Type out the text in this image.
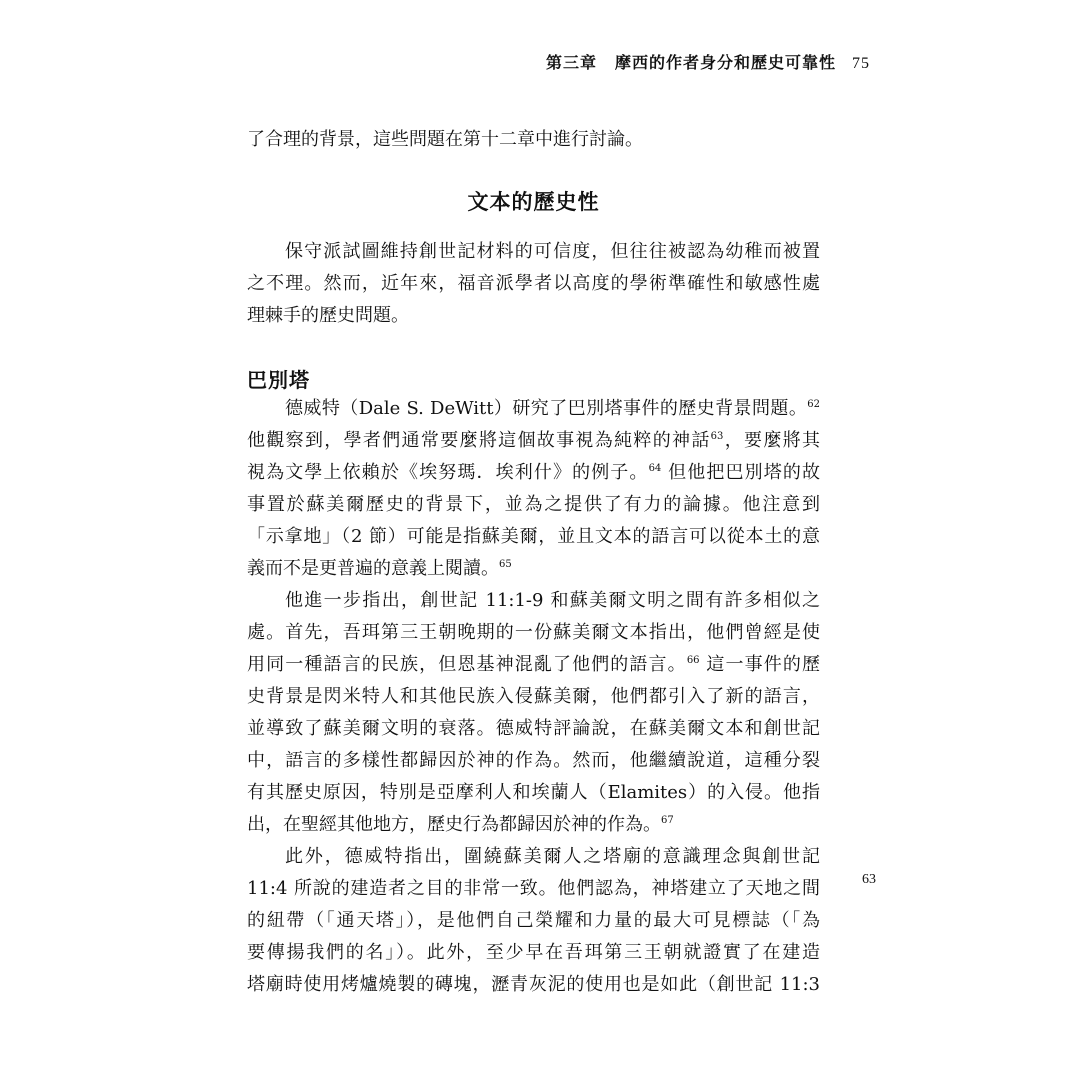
第三章 摩西的作者身分和歷史可靠性 75
了合理的背景，這些問題在第十二章中進行討論。
文本的歷史性
保守派試圖維持創世記材料的可信度，但往往被認為幼稚而被置
之不理。然而，近年來，福音派學者以高度的學術準確性和敏感性處
理棘手的歷史問題。
巴別塔
德威特（Dale S. DeWitt）研究了巴別塔事件的歷史背景問題。$^{62}$
他觀察到，學者們通常要麼將這個故事視為純粹的神話$^{63}$，要麼將其
視為文學上依賴於《埃努瑪．埃利什》的例子。$^{64}$ 但他把巴別塔的故
事置於蘇美爾歷史的背景下，並為之提供了有力的論據。他注意到
「示拿地」（2 節）可能是指蘇美爾，並且文本的語言可以從本土的意
義而不是更普遍的意義上閱讀。$^{65}$
他進一步指出，創世記 11:1-9 和蘇美爾文明之間有許多相似之
處。首先，吾珥第三王朝晚期的一份蘇美爾文本指出，他們曾經是使
用同一種語言的民族，但恩基神混亂了他們的語言。$^{66}$ 這一事件的歷
史背景是閃米特人和其他民族入侵蘇美爾，他們都引入了新的語言，
並導致了蘇美爾文明的衰落。德威特評論說，在蘇美爾文本和創世記
中，語言的多樣性都歸因於神的作為。然而，他繼續說道，這種分裂
有其歷史原因，特別是亞摩利人和埃蘭人（Elamites）的入侵。他指
出，在聖經其他地方，歷史行為都歸因於神的作為。$^{67}$
此外，德威特指出，圍繞蘇美爾人之塔廟的意識理念與創世記
11:4 所說的建造者之目的非常一致。他們認為，神塔建立了天地之間
的紐帶（「通天塔」），是他們自己榮耀和力量的最大可見標誌（「為
要傳揚我們的名」）。此外，至少早在吾珥第三王朝就證實了在建造
塔廟時使用烤爐燒製的磚塊，瀝青灰泥的使用也是如此（創世記 11:3
63
